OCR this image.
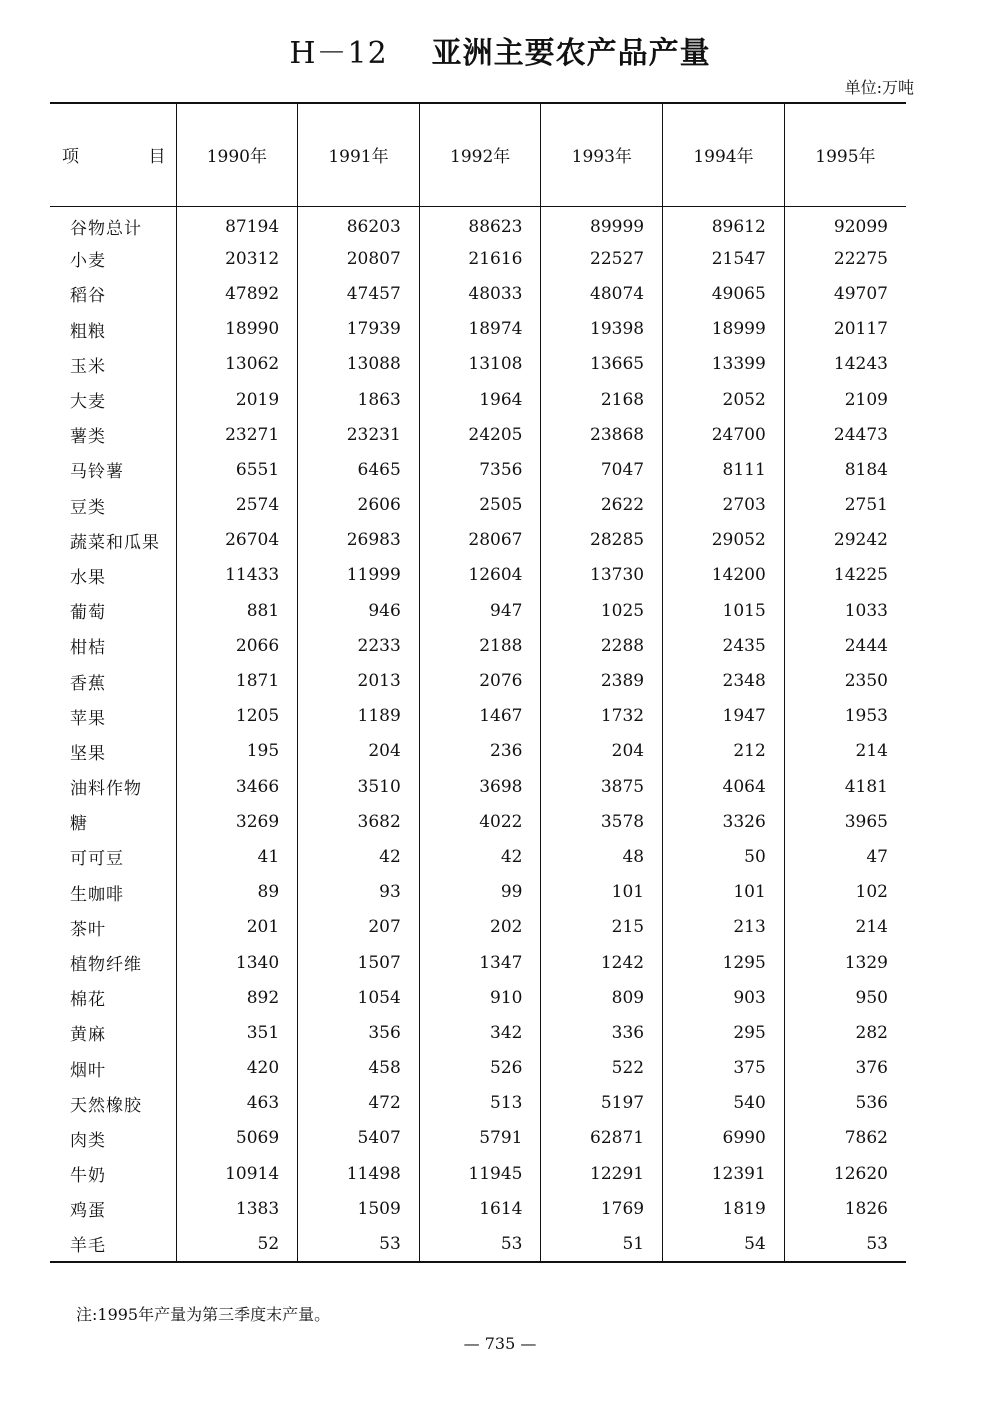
H－12 亚洲主要农产品产量
单位:万吨
项 目	1990年	1991年	1992年	1993年	1994年	1995年
谷物总计	87194	86203	88623	89999	89612	92099
小麦	20312	20807	21616	22527	21547	22275
稻谷	47892	47457	48033	48074	49065	49707
粗粮	18990	17939	18974	19398	18999	20117
玉米	13062	13088	13108	13665	13399	14243
大麦	2019	1863	1964	2168	2052	2109
薯类	23271	23231	24205	23868	24700	24473
马铃薯	6551	6465	7356	7047	8111	8184
豆类	2574	2606	2505	2622	2703	2751
蔬菜和瓜果	26704	26983	28067	28285	29052	29242
水果	11433	11999	12604	13730	14200	14225
葡萄	881	946	947	1025	1015	1033
柑桔	2066	2233	2188	2288	2435	2444
香蕉	1871	2013	2076	2389	2348	2350
苹果	1205	1189	1467	1732	1947	1953
坚果	195	204	236	204	212	214
油料作物	3466	3510	3698	3875	4064	4181
糖	3269	3682	4022	3578	3326	3965
可可豆	41	42	42	48	50	47
生咖啡	89	93	99	101	101	102
茶叶	201	207	202	215	213	214
植物纤维	1340	1507	1347	1242	1295	1329
棉花	892	1054	910	809	903	950
黄麻	351	356	342	336	295	282
烟叶	420	458	526	522	375	376
天然橡胶	463	472	513	5197	540	536
肉类	5069	5407	5791	62871	6990	7862
牛奶	10914	11498	11945	12291	12391	12620
鸡蛋	1383	1509	1614	1769	1819	1826
羊毛	52	53	53	51	54	53
注:1995年产量为第三季度末产量。
— 735 —
